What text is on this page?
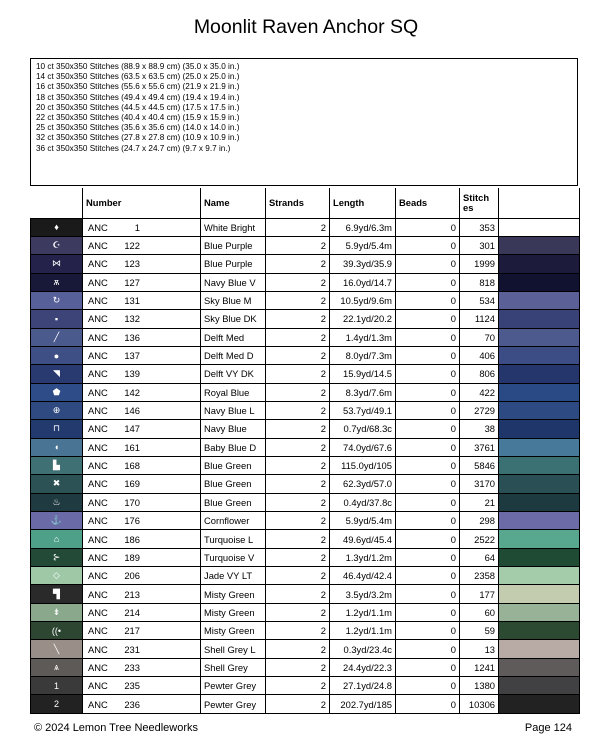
Moonlit Raven Anchor SQ
10 ct 350x350 Stitches (88.9 x 88.9 cm) (35.0 x 35.0 in.)
14 ct 350x350 Stitches (63.5 x 63.5 cm) (25.0 x 25.0 in.)
16 ct 350x350 Stitches (55.6 x 55.6 cm) (21.9 x 21.9 in.)
18 ct 350x350 Stitches (49.4 x 49.4 cm) (19.4 x 19.4 in.)
20 ct 350x350 Stitches (44.5 x 44.5 cm) (17.5 x 17.5 in.)
22 ct 350x350 Stitches (40.4 x 40.4 cm) (15.9 x 15.9 in.)
25 ct 350x350 Stitches (35.6 x 35.6 cm) (14.0 x 14.0 in.)
32 ct 350x350 Stitches (27.8 x 27.8 cm) (10.9 x 10.9 in.)
36 ct 350x350 Stitches (24.7 x 24.7 cm) (9.7 x 9.7 in.)
	Number	Name	Strands	Length	Beads	Stitch es	
♦	ANC 1	White Bright	2	6.9yd/6.3m	0	353	
☪	ANC 122	Blue Purple	2	5.9yd/5.4m	0	301	
⋈	ANC 123	Blue Purple	2	39.3yd/35.9	0	1999	
ѫ	ANC 127	Navy Blue V	2	16.0yd/14.7	0	818	
↻	ANC 131	Sky Blue M	2	10.5yd/9.6m	0	534	
▪	ANC 132	Sky Blue DK	2	22.1yd/20.2	0	1124	
╱	ANC 136	Delft Med	2	1.4yd/1.3m	0	70	
●	ANC 137	Delft Med D	2	8.0yd/7.3m	0	406	
◥	ANC 139	Delft VY DK	2	15.9yd/14.5	0	806	
⬟	ANC 142	Royal Blue	2	8.3yd/7.6m	0	422	
⊕	ANC 146	Navy Blue L	2	53.7yd/49.1	0	2729	
⊓	ANC 147	Navy Blue	2	0.7yd/68.3c	0	38	
◖	ANC 161	Baby Blue D	2	74.0yd/67.6	0	3761	
▙	ANC 168	Blue Green	2	115.0yd/105	0	5846	
✖	ANC 169	Blue Green	2	62.3yd/57.0	0	3170	
♨	ANC 170	Blue Green	2	0.4yd/37.8c	0	21	
⚓	ANC 176	Cornflower	2	5.9yd/5.4m	0	298	
⌂	ANC 186	Turquoise L	2	49.6yd/45.4	0	2522	
⊱	ANC 189	Turquoise V	2	1.3yd/1.2m	0	64	
◇	ANC 206	Jade VY LT	2	46.4yd/42.4	0	2358	
▜	ANC 213	Misty Green	2	3.5yd/3.2m	0	177	
⇟	ANC 214	Misty Green	2	1.2yd/1.1m	0	60	
((•	ANC 217	Misty Green	2	1.2yd/1.1m	0	59	
╲	ANC 231	Shell Grey L	2	0.3yd/23.4c	0	13	
ѧ	ANC 233	Shell Grey	2	24.4yd/22.3	0	1241	
1	ANC 235	Pewter Grey	2	27.1yd/24.8	0	1380	
2	ANC 236	Pewter Grey	2	202.7yd/185	0	10306	
© 2024 Lemon Tree Needleworks	Page 124
